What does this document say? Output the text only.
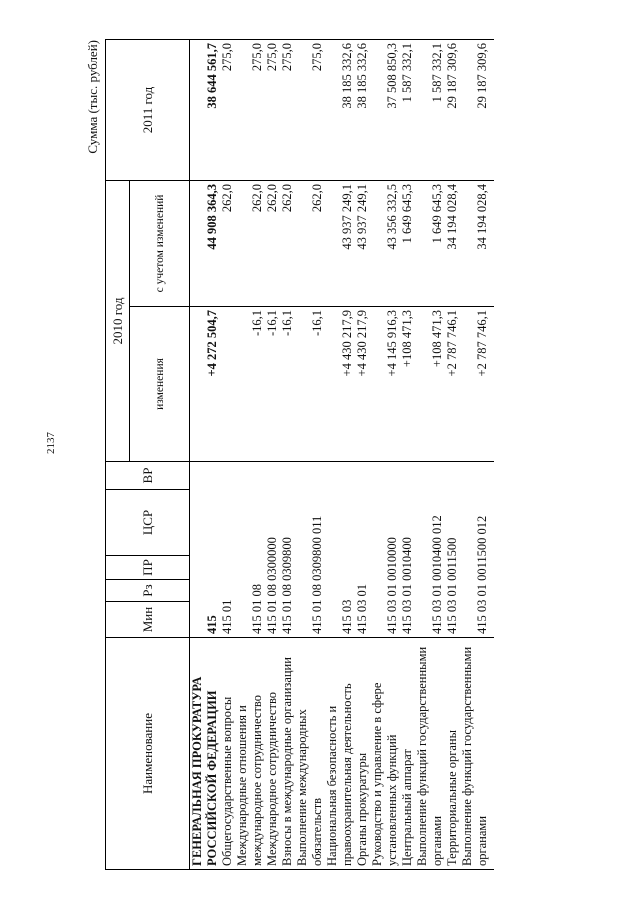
2137
Сумма (тыс. рублей)
Наименование	Мин	Рз	ПР	ЦСР	ВР	2010 год		2011 год
						изменения	с учетом изменений	
ГЕНЕРАЛЬНАЯ ПРОКУРАТУРА РОССИЙСКОЙ ФЕДЕРАЦИИ	415					+4 272 504,7	44 908 364,3	38 644 561,7
Общегосударственные вопросы	415 01						262,0	275,0
Международные отношения и международное сотрудничество	415 01 08					-16,1	262,0	275,0
Международное сотрудничество	415 01 08 0300000					-16,1	262,0	275,0
Взносы в международные организации	415 01 08 0309800					-16,1	262,0	275,0
Выполнение международных обязательств	415 01 08 0309800 011					-16,1	262,0	275,0
Национальная безопасность и правоохранительная деятельность	415 03					+4 430 217,9	43 937 249,1	38 185 332,6
Органы прокуратуры	415 03 01					+4 430 217,9	43 937 249,1	38 185 332,6
Руководство и управление в сфере установленных функций	415 03 01 0010000					+4 145 916,3	43 356 332,5	37 508 850,3
Центральный аппарат	415 03 01 0010400					+108 471,3	1 649 645,3	1 587 332,1
Выполнение функций государственными органами	415 03 01 0010400 012					+108 471,3	1 649 645,3	1 587 332,1
Территориальные органы	415 03 01 0011500					+2 787 746,1	34 194 028,4	29 187 309,6
Выполнение функций государственными органами	415 03 01 0011500 012					+2 787 746,1	34 194 028,4	29 187 309,6
